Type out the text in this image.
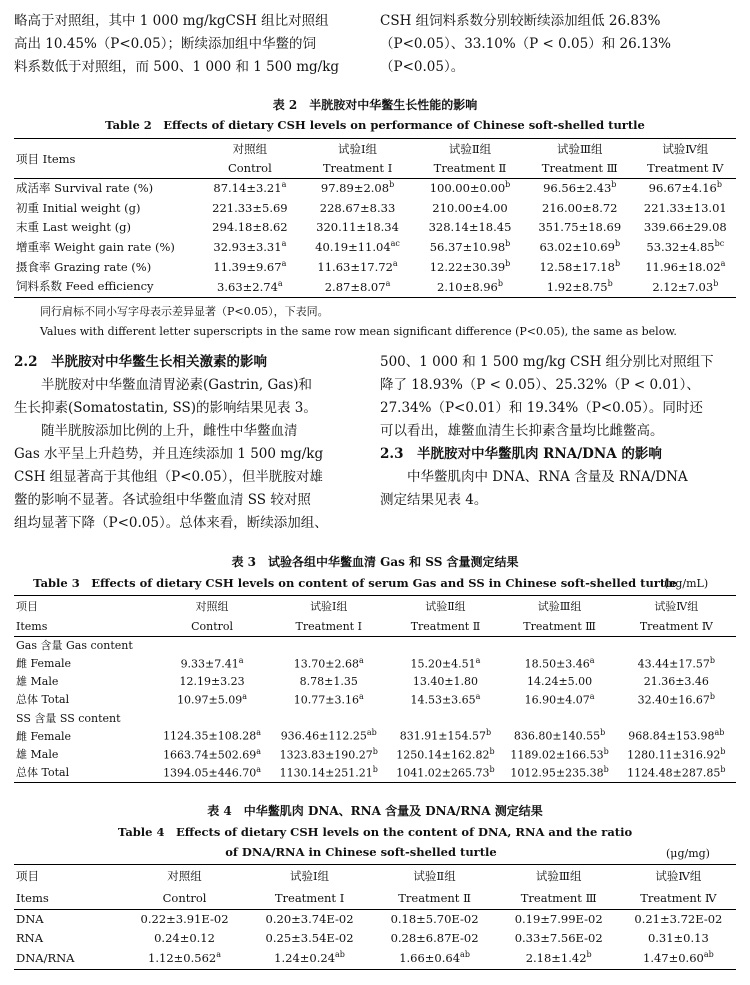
略高于对照组，其中 1 000 mg/kgCSH 组比对照组
高出 10.45%（P<0.05）；断续添加组中华鳖的饲
料系数低于对照组，而 500、1 000 和 1 500 mg/kg
CSH 组饲料系数分别较断续添加组低 26.83%
（P<0.05）、33.10%（P < 0.05）和 26.13%
（P<0.05）。
表 2　半胱胺对中华鳖生长性能的影响
Table 2　Effects of dietary CSH levels on performance of Chinese soft-shelled turtle
项目 Items	对照组	试验Ⅰ组	试验Ⅱ组	试验Ⅲ组	试验Ⅳ组
	Control	Treatment Ⅰ	Treatment Ⅱ	Treatment Ⅲ	Treatment Ⅳ
成活率 Survival rate (%)	87.14±3.21$^a$	97.89±2.08$^b$	100.00±0.00$^b$	96.56±2.43$^b$	96.67±4.16$^b$
初重 Initial weight (g)	221.33±5.69	228.67±8.33	210.00±4.00	216.00±8.72	221.33±13.01
末重 Last weight (g)	294.18±8.62	320.11±18.34	328.14±18.45	351.75±18.69	339.66±29.08
增重率 Weight gain rate (%)	32.93±3.31$^a$	40.19±11.04$^{ac}$	56.37±10.98$^b$	63.02±10.69$^b$	53.32±4.85$^{bc}$
摄食率 Grazing rate (%)	11.39±9.67$^a$	11.63±17.72$^a$	12.22±30.39$^b$	12.58±17.18$^b$	11.96±18.02$^a$
饲料系数 Feed efficiency	3.63±2.74$^a$	2.87±8.07$^a$	2.10±8.96$^b$	1.92±8.75$^b$	2.12±7.03$^b$
同行肩标不同小写字母表示差异显著（P<0.05），下表同。
Values with different letter superscripts in the same row mean significant difference (P<0.05), the same as below.
2.2　半胱胺对中华鳖生长相关激素的影响
　　半胱胺对中华鳖血清胃泌素(Gastrin, Gas)和
生长抑素(Somatostatin, SS)的影响结果见表 3。
　　随半胱胺添加比例的上升，雌性中华鳖血清
Gas 水平呈上升趋势，并且连续添加 1 500 mg/kg
CSH 组显著高于其他组（P<0.05），但半胱胺对雄
鳖的影响不显著。各试验组中华鳖血清 SS 较对照
组均显著下降（P<0.05）。总体来看，断续添加组、
500、1 000 和 1 500 mg/kg CSH 组分别比对照组下
降了 18.93%（P < 0.05）、25.32%（P < 0.01）、
27.34%（P<0.01）和 19.34%（P<0.05）。同时还
可以看出，雄鳖血清生长抑素含量均比雌鳖高。
2.3　半胱胺对中华鳖肌肉 RNA/DNA 的影响
　　中华鳖肌肉中 DNA、RNA 含量及 RNA/DNA
测定结果见表 4。
表 3　试验各组中华鳖血清 Gas 和 SS 含量测定结果
Table 3　Effects of dietary CSH levels on content of serum Gas and SS in Chinese soft-shelled turtle
(ng/mL)
项目	对照组	试验Ⅰ组	试验Ⅱ组	试验Ⅲ组	试验Ⅳ组
Items	Control	Treatment Ⅰ	Treatment Ⅱ	Treatment Ⅲ	Treatment Ⅳ
Gas 含量 Gas content					
雌 Female	9.33±7.41$^a$	13.70±2.68$^a$	15.20±4.51$^a$	18.50±3.46$^a$	43.44±17.57$^b$
雄 Male	12.19±3.23	8.78±1.35	13.40±1.80	14.24±5.00	21.36±3.46
总体 Total	10.97±5.09$^a$	10.77±3.16$^a$	14.53±3.65$^a$	16.90±4.07$^a$	32.40±16.67$^b$
SS 含量 SS content					
雌 Female	1124.35±108.28$^a$	936.46±112.25$^{ab}$	831.91±154.57$^b$	836.80±140.55$^b$	968.84±153.98$^{ab}$
雄 Male	1663.74±502.69$^a$	1323.83±190.27$^b$	1250.14±162.82$^b$	1189.02±166.53$^b$	1280.11±316.92$^b$
总体 Total	1394.05±446.70$^a$	1130.14±251.21$^b$	1041.02±265.73$^b$	1012.95±235.38$^b$	1124.48±287.85$^b$
表 4　中华鳖肌肉 DNA、RNA 含量及 DNA/RNA 测定结果
Table 4　Effects of dietary CSH levels on the content of DNA, RNA and the ratio
of DNA/RNA in Chinese soft-shelled turtle	(μg/mg)
项目	对照组	试验Ⅰ组	试验Ⅱ组	试验Ⅲ组	试验Ⅳ组
Items	Control	Treatment Ⅰ	Treatment Ⅱ	Treatment Ⅲ	Treatment Ⅳ
DNA	0.22±3.91E-02	0.20±3.74E-02	0.18±5.70E-02	0.19±7.99E-02	0.21±3.72E-02
RNA	0.24±0.12	0.25±3.54E-02	0.28±6.87E-02	0.33±7.56E-02	0.31±0.13
DNA/RNA	1.12±0.562$^a$	1.24±0.24$^{ab}$	1.66±0.64$^{ab}$	2.18±1.42$^b$	1.47±0.60$^{ab}$
